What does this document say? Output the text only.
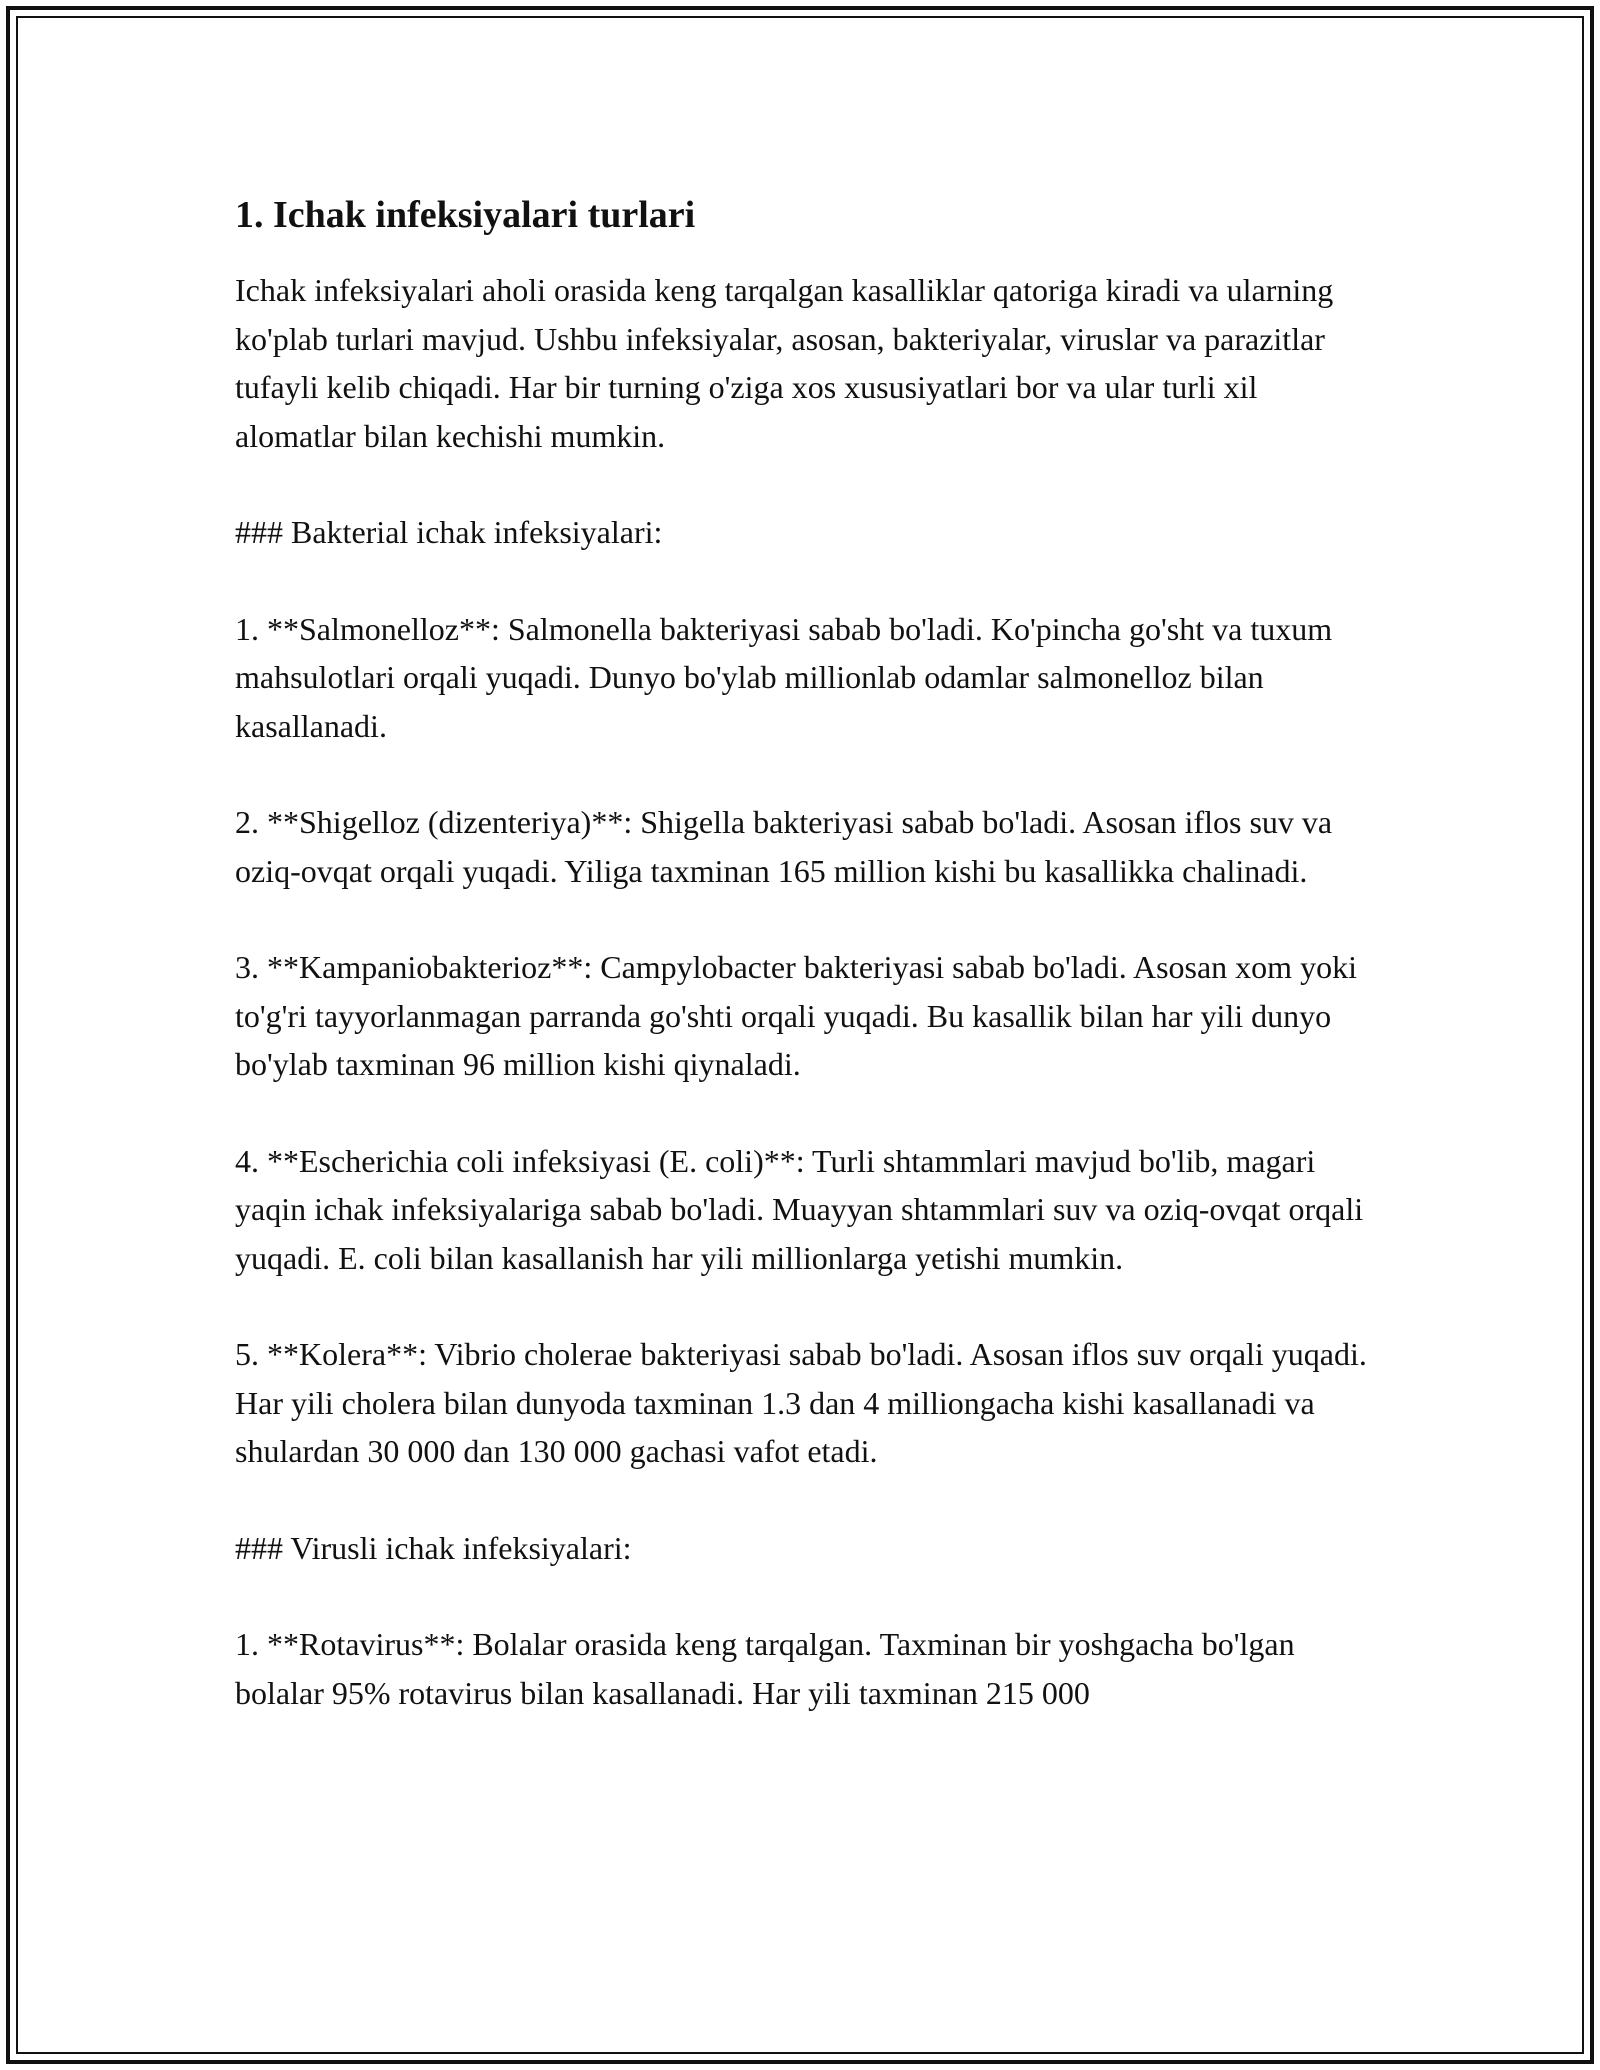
1. Ichak infeksiyalari turlari

Ichak infeksiyalari aholi orasida keng tarqalgan kasalliklar qatoriga kiradi va ularning ko'plab turlari mavjud. Ushbu infeksiyalar, asosan, bakteriyalar, viruslar va parazitlar tufayli kelib chiqadi. Har bir turning o'ziga xos xususiyatlari bor va ular turli xil alomatlar bilan kechishi mumkin.

### Bakterial ichak infeksiyalari:

1. **Salmonelloz**: Salmonella bakteriyasi sabab bo'ladi. Ko'pincha go'sht va tuxum mahsulotlari orqali yuqadi. Dunyo bo'ylab millionlab odamlar salmonelloz bilan kasallanadi.

2. **Shigelloz (dizenteriya)**: Shigella bakteriyasi sabab bo'ladi. Asosan iflos suv va oziq-ovqat orqali yuqadi. Yiliga taxminan 165 million kishi bu kasallikka chalinadi.

3. **Kampaniobakterioz**: Campylobacter bakteriyasi sabab bo'ladi. Asosan xom yoki to'g'ri tayyorlanmagan parranda go'shti orqali yuqadi. Bu kasallik bilan har yili dunyo bo'ylab taxminan 96 million kishi qiynaladi.

4. **Escherichia coli infeksiyasi (E. coli)**: Turli shtammlari mavjud bo'lib, magari yaqin ichak infeksiyalariga sabab bo'ladi. Muayyan shtammlari suv va oziq-ovqat orqali yuqadi. E. coli bilan kasallanish har yili millionlarga yetishi mumkin.

5. **Kolera**: Vibrio cholerae bakteriyasi sabab bo'ladi. Asosan iflos suv orqali yuqadi. Har yili cholera bilan dunyoda taxminan 1.3 dan 4 milliongacha kishi kasallanadi va shulardan 30 000 dan 130 000 gachasi vafot etadi.

### Virusli ichak infeksiyalari:

1. **Rotavirus**: Bolalar orasida keng tarqalgan. Taxminan bir yoshgacha bo'lgan bolalar 95% rotavirus bilan kasallanadi. Har yili taxminan 215 000
